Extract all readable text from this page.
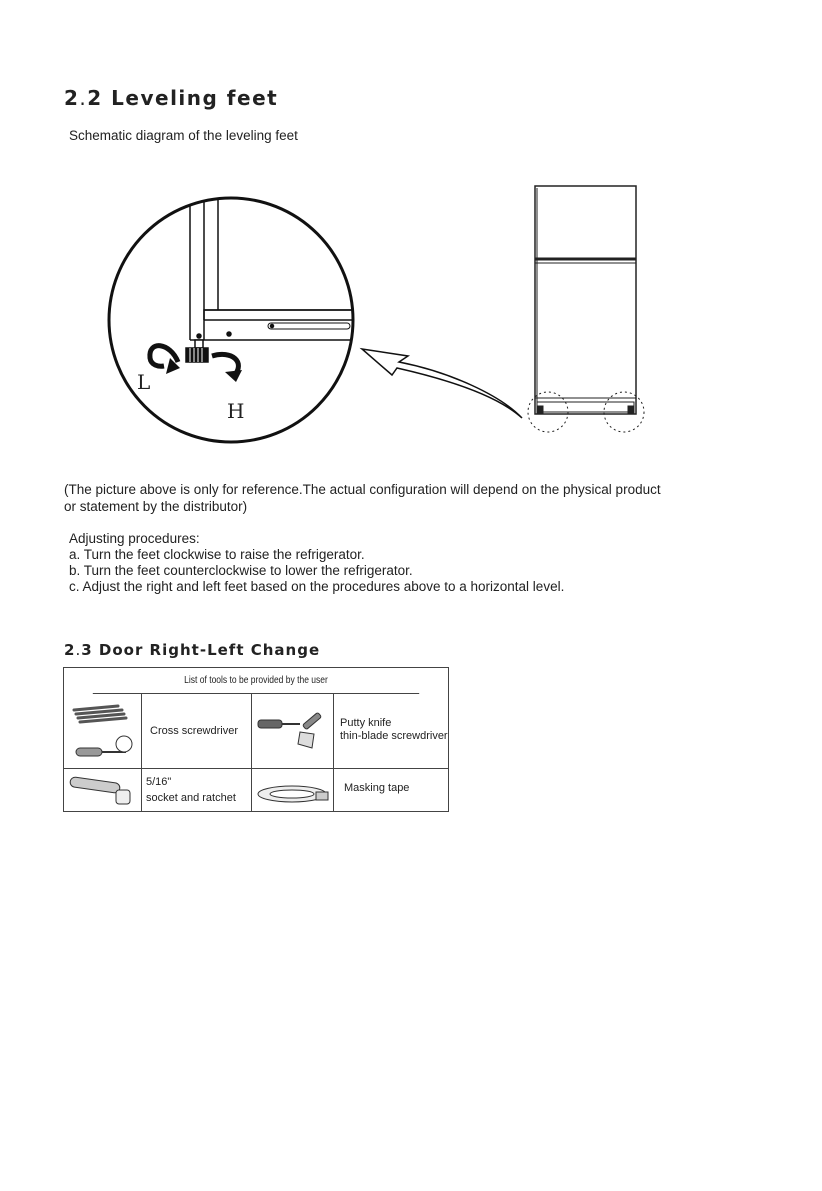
2.2 Leveling feet
Schematic diagram of the leveling feet
L
H
(The picture above is only for reference.The actual configuration will depend on the physical product
or statement by the distributor)
Adjusting procedures:
a. Turn the feet clockwise to raise the refrigerator.
b. Turn the feet counterclockwise to lower the refrigerator.
c. Adjust the right and left feet based on the procedures above to a horizontal level.
2.3 Door Right-Left Change
List of tools to be provided by the user
Cross screwdriver
Putty knife
thin-blade screwdriver
5/16"
socket and ratchet
Masking tape
